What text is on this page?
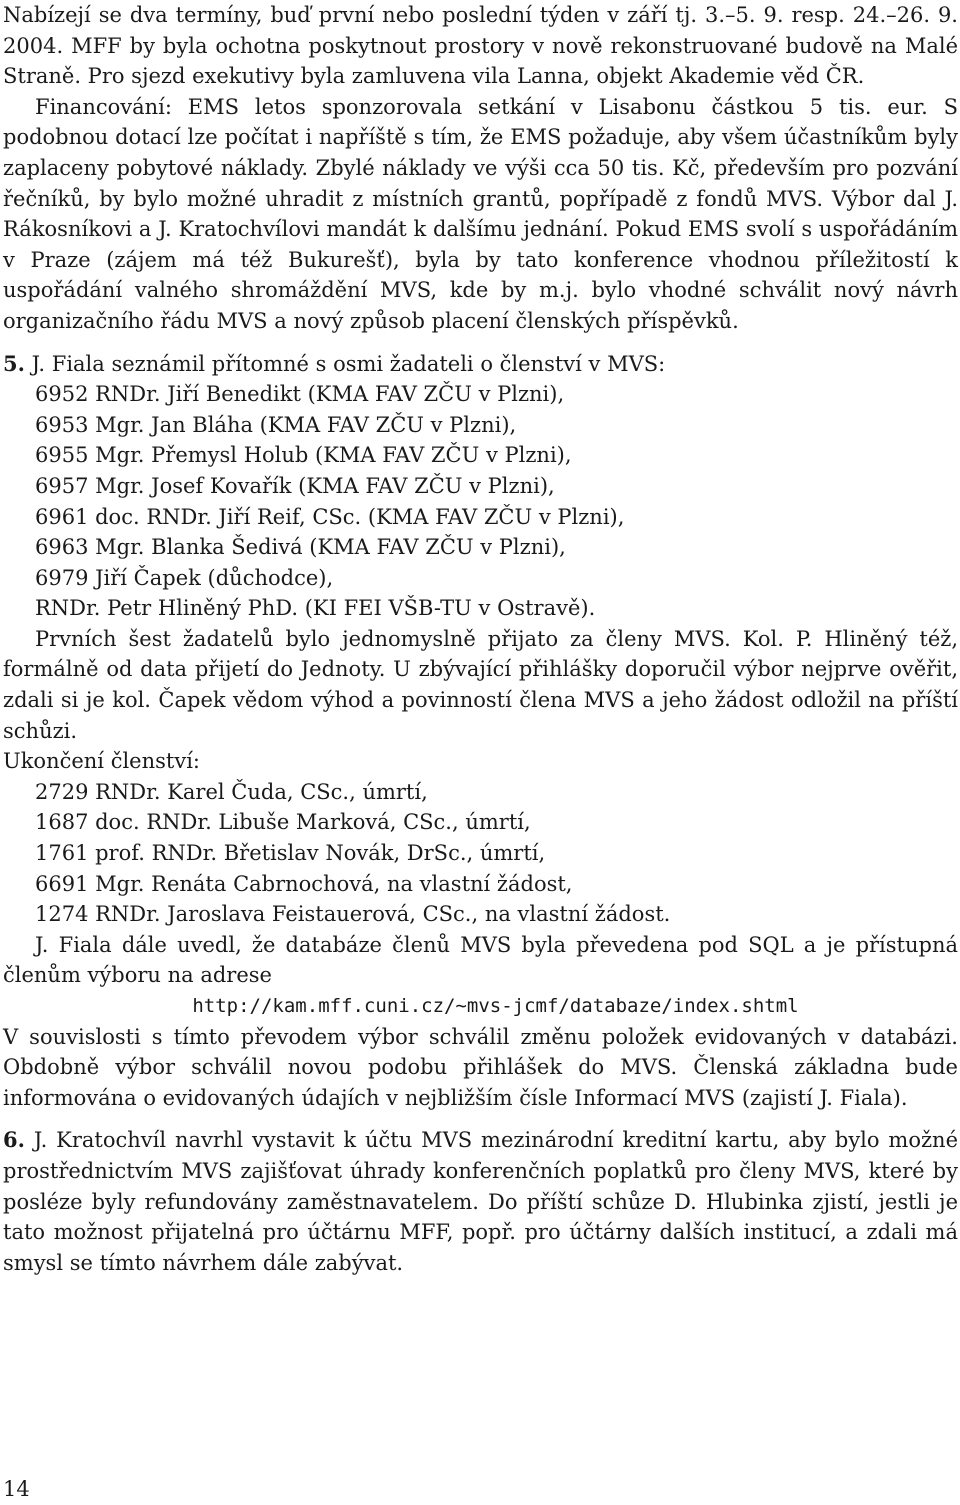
Nabízejí se dva termíny, buď první nebo poslední týden v září tj. 3.–5. 9. resp. 24.–26. 9. 2004. MFF by byla ochotna poskytnout prostory v nově rekonstruované budově na Malé Straně. Pro sjezd exekutivy byla zamluvena vila Lanna, objekt Akademie věd ČR.

Financování: EMS letos sponzorovala setkání v Lisabonu částkou 5 tis. eur. S podobnou dotací lze počítat i napříště s tím, že EMS požaduje, aby všem účastníkům byly zaplaceny pobytové náklady. Zbylé náklady ve výši cca 50 tis. Kč, především pro pozvání řečníků, by bylo možné uhradit z místních grantů, popřípadě z fondů MVS. Výbor dal J. Rákosníkovi a J. Kratochvílovi mandát k dalšímu jednání. Pokud EMS svolí s uspořádáním v Praze (zájem má též Bukurešť), byla by tato konference vhodnou příležitostí k uspořádání valného shromáždění MVS, kde by m.j. bylo vhodné schválit nový návrh organizačního řádu MVS a nový způsob placení členských příspěvků.

5. J. Fiala seznámil přítomné s osmi žadateli o členství v MVS:

6952 RNDr. Jiří Benedikt (KMA FAV ZČU v Plzni),

6953 Mgr. Jan Bláha (KMA FAV ZČU v Plzni),

6955 Mgr. Přemysl Holub (KMA FAV ZČU v Plzni),

6957 Mgr. Josef Kovařík (KMA FAV ZČU v Plzni),

6961 doc. RNDr. Jiří Reif, CSc. (KMA FAV ZČU v Plzni),

6963 Mgr. Blanka Šedivá (KMA FAV ZČU v Plzni),

6979 Jiří Čapek (důchodce),

RNDr. Petr Hliněný PhD. (KI FEI VŠB-TU v Ostravě).

Prvních šest žadatelů bylo jednomyslně přijato za členy MVS. Kol. P. Hliněný též, formálně od data přijetí do Jednoty. U zbývající přihlášky doporučil výbor nejprve ověřit, zdali si je kol. Čapek vědom výhod a povinností člena MVS a jeho žádost odložil na příští schůzi.

Ukončení členství:

2729 RNDr. Karel Čuda, CSc., úmrtí,

1687 doc. RNDr. Libuše Marková, CSc., úmrtí,

1761 prof. RNDr. Břetislav Novák, DrSc., úmrtí,

6691 Mgr. Renáta Cabrnochová, na vlastní žádost,

1274 RNDr. Jaroslava Feistauerová, CSc., na vlastní žádost.

J. Fiala dále uvedl, že databáze členů MVS byla převedena pod SQL a je přístupná členům výboru na adrese

http://kam.mff.cuni.cz/∼mvs-jcmf/databaze/index.shtml

V souvislosti s tímto převodem výbor schválil změnu položek evidovaných v databázi. Obdobně výbor schválil novou podobu přihlášek do MVS. Členská základna bude informována o evidovaných údajích v nejbližším čísle Informací MVS (zajistí J. Fiala).

6. J. Kratochvíl navrhl vystavit k účtu MVS mezinárodní kreditní kartu, aby bylo možné prostřednictvím MVS zajišťovat úhrady konferenčních poplatků pro členy MVS, které by posléze byly refundovány zaměstnavatelem. Do příští schůze D. Hlubinka zjistí, jestli je tato možnost přijatelná pro účtárnu MFF, popř. pro účtárny dalších institucí, a zdali má smysl se tímto návrhem dále zabývat.

14
